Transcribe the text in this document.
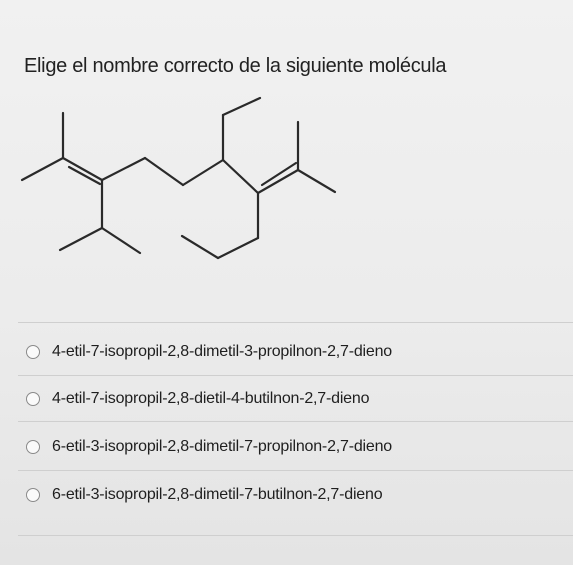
Elige el nombre correcto de la siguiente molécula
4-etil-7-isopropil-2,8-dimetil-3-propilnon-2,7-dieno
4-etil-7-isopropil-2,8-dietil-4-butilnon-2,7-dieno
6-etil-3-isopropil-2,8-dimetil-7-propilnon-2,7-dieno
6-etil-3-isopropil-2,8-dimetil-7-butilnon-2,7-dieno
